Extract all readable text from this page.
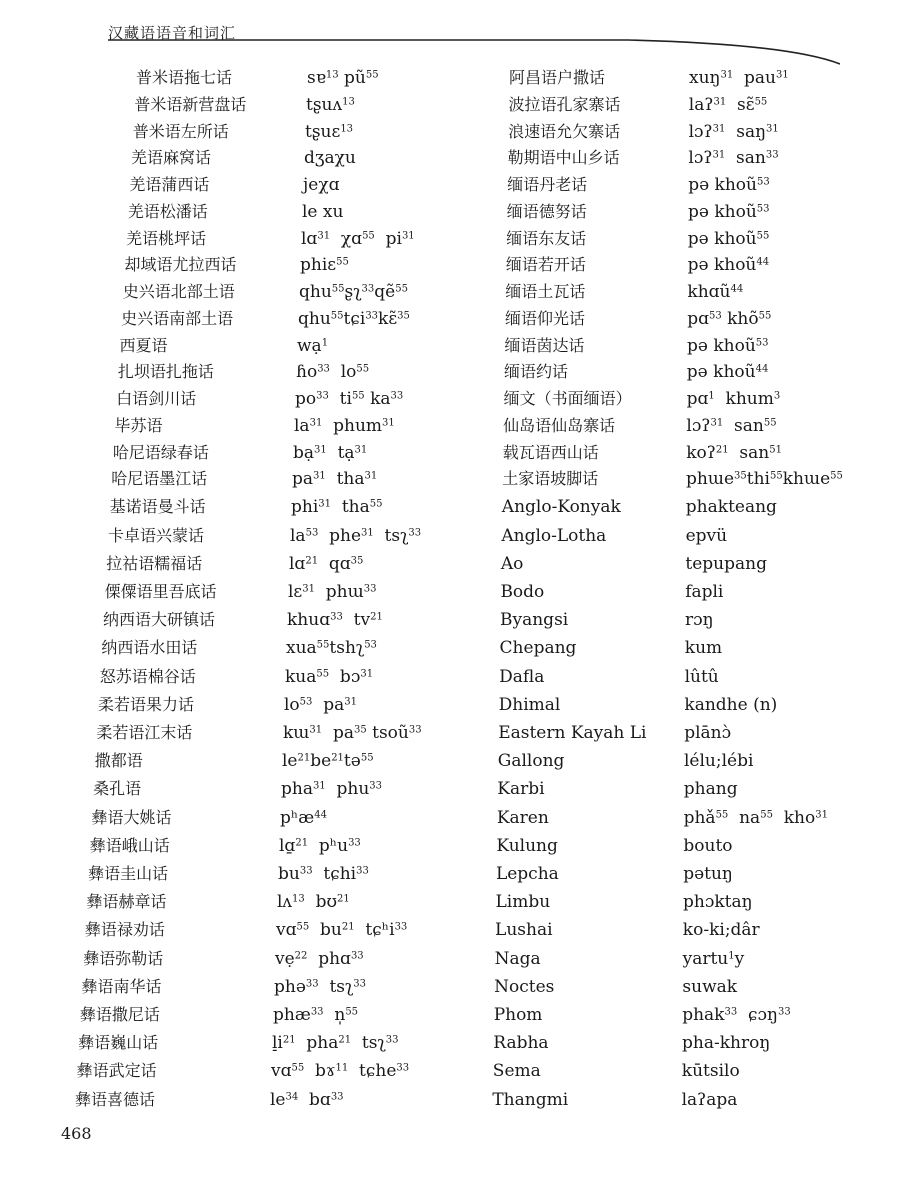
汉藏语语音和词汇
普米语拖七话
普米语新营盘话
普米语左所话
羌语麻窝话
羌语蒲西话
羌语松潘话
羌语桃坪话
却域语尤拉西话
史兴语北部土语
史兴语南部土语
西夏语
扎坝语扎拖话
白语剑川话
毕苏语
哈尼语绿春话
哈尼语墨江话
基诺语曼斗话
卡卓语兴蒙话
拉祜语糯福话
傈僳语里吾底话
纳西语大研镇话
纳西语水田话
怒苏语棉谷话
柔若语果力话
柔若语江末话
撒都语
桑孔语
彝语大姚话
彝语峨山话
彝语圭山话
彝语赫章话
彝语禄劝话
彝语弥勒话
彝语南华话
彝语撒尼话
彝语巍山话
彝语武定话
彝语喜德话
sɐ$^{13}$ $pũ^{55}$
tʂuʌ$^{13}$
tʂuɛ$^{13}$
dʒaχu
jeχɑ
le xu
lɑ$^{31}$  χɑ$^{55}$  $pi^{31}$
phiɛ$^{55}$
qhu$^{55}$ʂʅ$^{33}$qẽ$^{55}$
qhu$^{55}$tɕi$^{33}$kɛ̃$^{35}$
wạ$^1$
ɦo$^{33}$  $lo^{55}$
$po^{33}$  $ti^{55}$ $ka^{33}$
$la^{31}$  phum$^{31}$
bạ$^{31}$  tạ$^{31}$
$pa^{31}$  tha$^{31}$
phi$^{31}$  tha$^{55}$
$la^{53}$  phe$^{31}$  tsʅ$^{33}$
lɑ$^{21}$  qɑ$^{35}$
lɛ$^{31}$  phɯ$^{33}$
khuɑ$^{33}$  $tv^{21}$
xua$^{55}$tshʅ$^{53}$
kua$^{55}$  bɔ$^{31}$
$lo^{53}$  $pa^{31}$
kɯ$^{31}$  $pa^{35}$ tsoũ$^{33}$
$le^{21}be^{21}tə^{55}$
pha$^{31}$  phu$^{33}$
pʰæ$^{44}$
lɑ̱$^{21}$  pʰu$^{33}$
$bu^{33}$  tɕhi$^{33}$
lʌ$^{13}$  bʊ$^{21}$
vɑ$^{55}$  $bu^{21}$  tɕʰi$^{33}$
vẹ$^{22}$  phɑ$^{33}$
phə$^{33}$  tsʅ$^{33}$
phæ$^{33}$  n̩$^{55}$
$l̠i^{21}$  pha$^{21}$  tsʅ$^{33}$
vɑ$^{55}$  bɤ$^{11}$  tɕhe$^{33}$
$le^{34}$  bɑ$^{33}$
阿昌语户撒话
波拉语孔家寨话
浪速语允欠寨话
勒期语中山乡话
缅语丹老话
缅语德努话
缅语东友话
缅语若开话
缅语土瓦话
缅语仰光话
缅语茵达话
缅语约话
缅文（书面缅语）
仙岛语仙岛寨话
载瓦语西山话
土家语坡脚话
Anglo-Konyak
Anglo-Lotha
Ao
Bodo
Byangsi
Chepang
Dafla
Dhimal
Eastern Kayah Li
Gallong
Karbi
Karen
Kulung
Lepcha
Limbu
Lushai
Naga
Noctes
Phom
Rabha
Sema
Thangmi
xuŋ$^{31}$  pau$^{31}$
laʔ$^{31}$  sɛ̃$^{55}$
lɔʔ$^{31}$  saŋ$^{31}$
lɔʔ$^{31}$  san$^{33}$
pə khoũ$^{53}$
pə khoũ$^{53}$
pə khoũ$^{55}$
pə khoũ$^{44}$
khɑũ$^{44}$
pɑ$^{53}$ khõ$^{55}$
pə khoũ$^{53}$
pə khoũ$^{44}$
pɑ$^1$  khum$^3$
lɔʔ$^{31}$  san$^{55}$
koʔ$^{21}$  san$^{51}$
phɯe$^{35}$thi$^{55}$khɯe$^{55}$
phakteang
epvü
tepupang
fapli
rɔŋ
kum
lûtû
kandhe (n)
plānɔ̀
lélu;lébi
phang
phǎ$^{55}$  $na^{55}$  kho$^{31}$
bouto
pətuŋ
phɔktaŋ
ko-ki;dâr
yartu$^1$y
suwak
phak$^{33}$  ɕɔŋ$^{33}$
pha-khroŋ
kūtsilo
laʔapa
468
